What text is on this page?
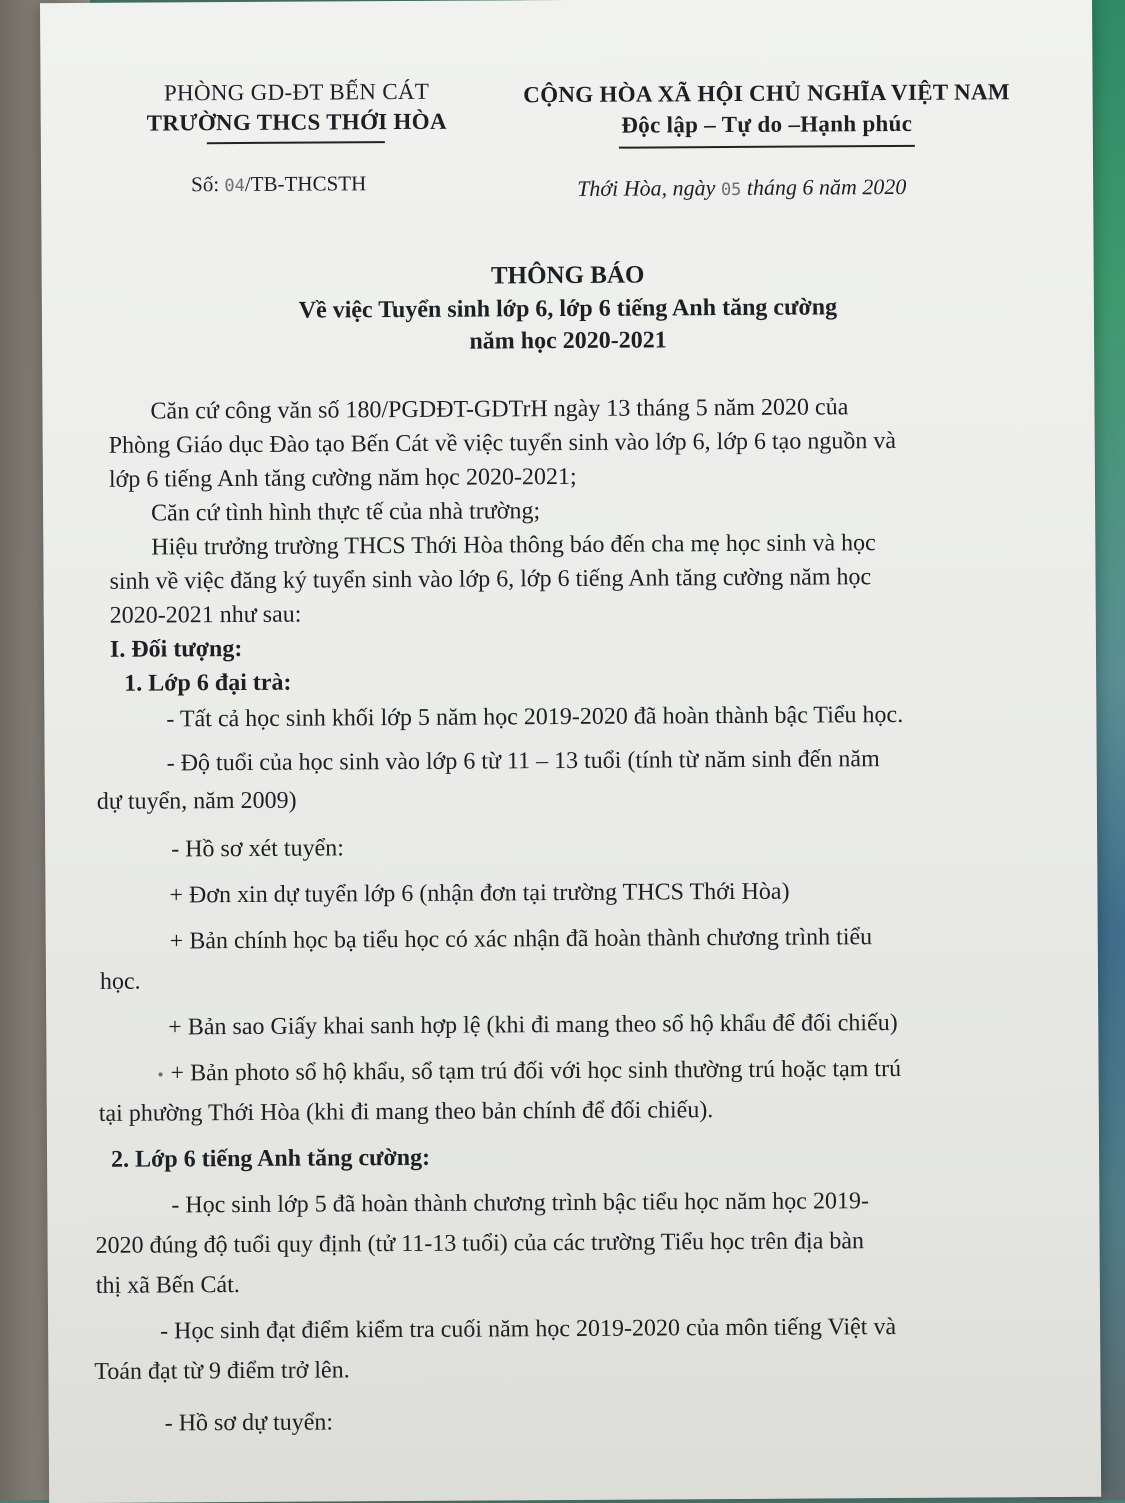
PHÒNG GD-ĐT BẾN CÁT
TRƯỜNG THCS THỚI HÒA
CỘNG HÒA XÃ HỘI CHỦ NGHĨA VIỆT NAM
Độc lập – Tự do –Hạnh phúc
Số: 04/TB-THCSTH	Thới Hòa, ngày 05 tháng 6 năm 2020
THÔNG BÁO
Về việc Tuyển sinh lớp 6, lớp 6 tiếng Anh tăng cường
năm học 2020-2021
Căn cứ công văn số 180/PGDĐT-GDTrH ngày 13 tháng 5 năm 2020 của
Phòng Giáo dục Đào tạo Bến Cát về việc tuyển sinh vào lớp 6, lớp 6 tạo nguồn và
lớp 6 tiếng Anh tăng cường năm học 2020-2021;
Căn cứ tình hình thực tế của nhà trường;
Hiệu trưởng trường THCS Thới Hòa thông báo đến cha mẹ học sinh và học
sinh về việc đăng ký tuyển sinh vào lớp 6, lớp 6 tiếng Anh tăng cường năm học
2020-2021 như sau:
I. Đối tượng:
1. Lớp 6 đại trà:
- Tất cả học sinh khối lớp 5 năm học 2019-2020 đã hoàn thành bậc Tiểu học.
- Độ tuổi của học sinh vào lớp 6 từ 11 – 13 tuổi (tính từ năm sinh đến năm
dự tuyển, năm 2009)
- Hồ sơ xét tuyển:
+ Đơn xin dự tuyển lớp 6 (nhận đơn tại trường THCS Thới Hòa)
+ Bản chính học bạ tiểu học có xác nhận đã hoàn thành chương trình tiểu
học.
+ Bản sao Giấy khai sanh hợp lệ (khi đi mang theo sổ hộ khẩu để đối chiếu)
+ Bản photo sổ hộ khẩu, sổ tạm trú đối với học sinh thường trú hoặc tạm trú
tại phường Thới Hòa (khi đi mang theo bản chính để đối chiếu).
2. Lớp 6 tiếng Anh tăng cường:
- Học sinh lớp 5 đã hoàn thành chương trình bậc tiểu học năm học 2019-
2020 đúng độ tuổi quy định (tử 11-13 tuổi) của các trường Tiểu học trên địa bàn
thị xã Bến Cát.
- Học sinh đạt điểm kiểm tra cuối năm học 2019-2020 của môn tiếng Việt và
Toán đạt từ 9 điểm trở lên.
- Hồ sơ dự tuyển:
